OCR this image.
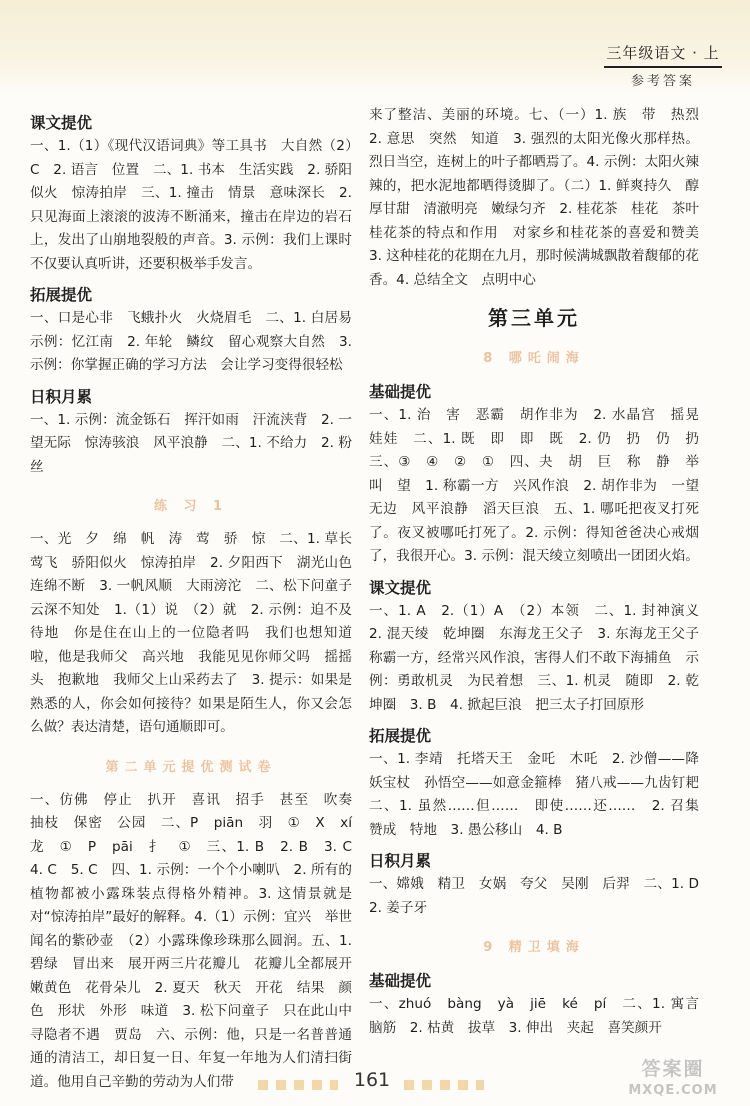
三年级语文 · 上
参考答案
课文提优

一、1.（1）《现代汉语词典》等工具书　大自然（2）C　2. 语言　位置　二、1. 书本　生活实践　2. 骄阳似火　惊涛拍岸　三、1. 撞击　情景　意味深长　2. 只见海面上滚滚的波涛不断涌来，撞击在岸边的岩石上，发出了山崩地裂般的声音。3. 示例：我们上课时不仅要认真听讲，还要积极举手发言。

拓展提优

一、口是心非　飞蛾扑火　火烧眉毛　二、1. 白居易　示例：忆江南　2. 年轮　鳞纹　留心观察大自然　3. 示例：你掌握正确的学习方法　会让学习变得很轻松

日积月累

一、1. 示例：流金铄石　挥汗如雨　汗流浃背　2. 一望无际　惊涛骇浪　风平浪静　二、1. 不给力　2. 粉丝

练 习 1

一、光　夕　绵　帆　涛　莺　骄　惊　二、1. 草长莺飞　骄阳似火　惊涛拍岸　2. 夕阳西下　湖光山色　连绵不断　3. 一帆风顺　大雨滂沱　二、松下问童子　云深不知处　1.（1）说　（2）就　2. 示例：迫不及待地　你是住在山上的一位隐者吗　我们也想知道啦，他是我师父　高兴地　我能见见你师父吗　摇摇头　抱歉地　我师父上山采药去了　3. 提示：如果是熟悉的人，你会如何接待？如果是陌生人，你又会怎么做？表达清楚，语句通顺即可。

第二单元提优测试卷

一、仿佛　停止　扒开　喜讯　招手　甚至　吹奏　抽枝　保密　公园　二、P　piān　羽　①　X　xí　龙　①　P　pāi　扌　①　三、1. B　2. B　3. C　4. C　5. C　四、1. 示例：一个个小喇叭　2. 所有的植物都被小露珠装点得格外精神。3. 这情景就是对“惊涛拍岸”最好的解释。4.（1）示例：宜兴　举世闻名的紫砂壶　（2）小露珠像珍珠那么圆润。五、1. 碧绿　冒出来　展开两三片花瓣儿　花瓣儿全都展开　嫩黄色　花骨朵儿　2. 夏天　秋天　开花　结果　颜色　形状　外形　味道　3. 松下问童子　只在此山中　寻隐者不遇　贾岛　六、示例：他，只是一名普普通通的清洁工，却日复一日、年复一年地为人们清扫街道。他用自己辛勤的劳动为人们带

来了整洁、美丽的环境。七、（一）1. 族　带　热烈　2. 意思　突然　知道　3. 强烈的太阳光像火那样热。烈日当空，连树上的叶子都晒焉了。4. 示例：太阳火辣辣的，把水泥地都晒得烫脚了。（二）1. 鲜爽持久　醇厚甘甜　清澈明亮　嫩绿匀齐　2. 桂花茶　桂花　茶叶　桂花茶的特点和作用　对家乡和桂花茶的喜爱和赞美　3. 这种桂花的花期在九月，那时候满城飘散着馥郁的花香。4. 总结全文　点明中心

第三单元
8 哪吒闹海
基础提优

一、1. 治　害　恶霸　胡作非为　2. 水晶宫　摇晃　娃娃　二、1. 既　即　即　既　2. 仍　扔　仍　扔　三、③　④　②　①　四、夬　胡　巨　称　静　举　叫　望　1. 称霸一方　兴风作浪　2. 胡作非为　一望无边　风平浪静　滔天巨浪　五、1. 哪吒把夜叉打死了。夜叉被哪吒打死了。2. 示例：得知爸爸决心戒烟了，我很开心。3. 示例：混天绫立刻喷出一团团火焰。

课文提优

一、1. A　2.（1）A　（2）本领　二、1. 封神演义　2. 混天绫　乾坤圈　东海龙王父子　3. 东海龙王父子称霸一方，经常兴风作浪，害得人们不敢下海捕鱼　示例：勇敢机灵　为民着想　三、1. 机灵　随即　2. 乾坤圈　3. B　4. 掀起巨浪　把三太子打回原形

拓展提优

一、1. 李靖　托塔天王　金吒　木吒　2. 沙僧——降妖宝杖　孙悟空——如意金箍棒　猪八戒——九齿钉耙　二、1. 虽然……但……　即使……还……　2. 召集　赞成　特地　3. 愚公移山　4. B

日积月累

一、嫦娥　精卫　女娲　夸父　吴刚　后羿　二、1. D　2. 姜子牙

9 精卫填海
基础提优

一、zhuó　bàng　yà　jiē　ké　pí　二、1. 寓言　脑筋　2. 枯黄　拔草　3. 伸出　夹起　喜笑颜开

161	答案圈
MXQE.COM
